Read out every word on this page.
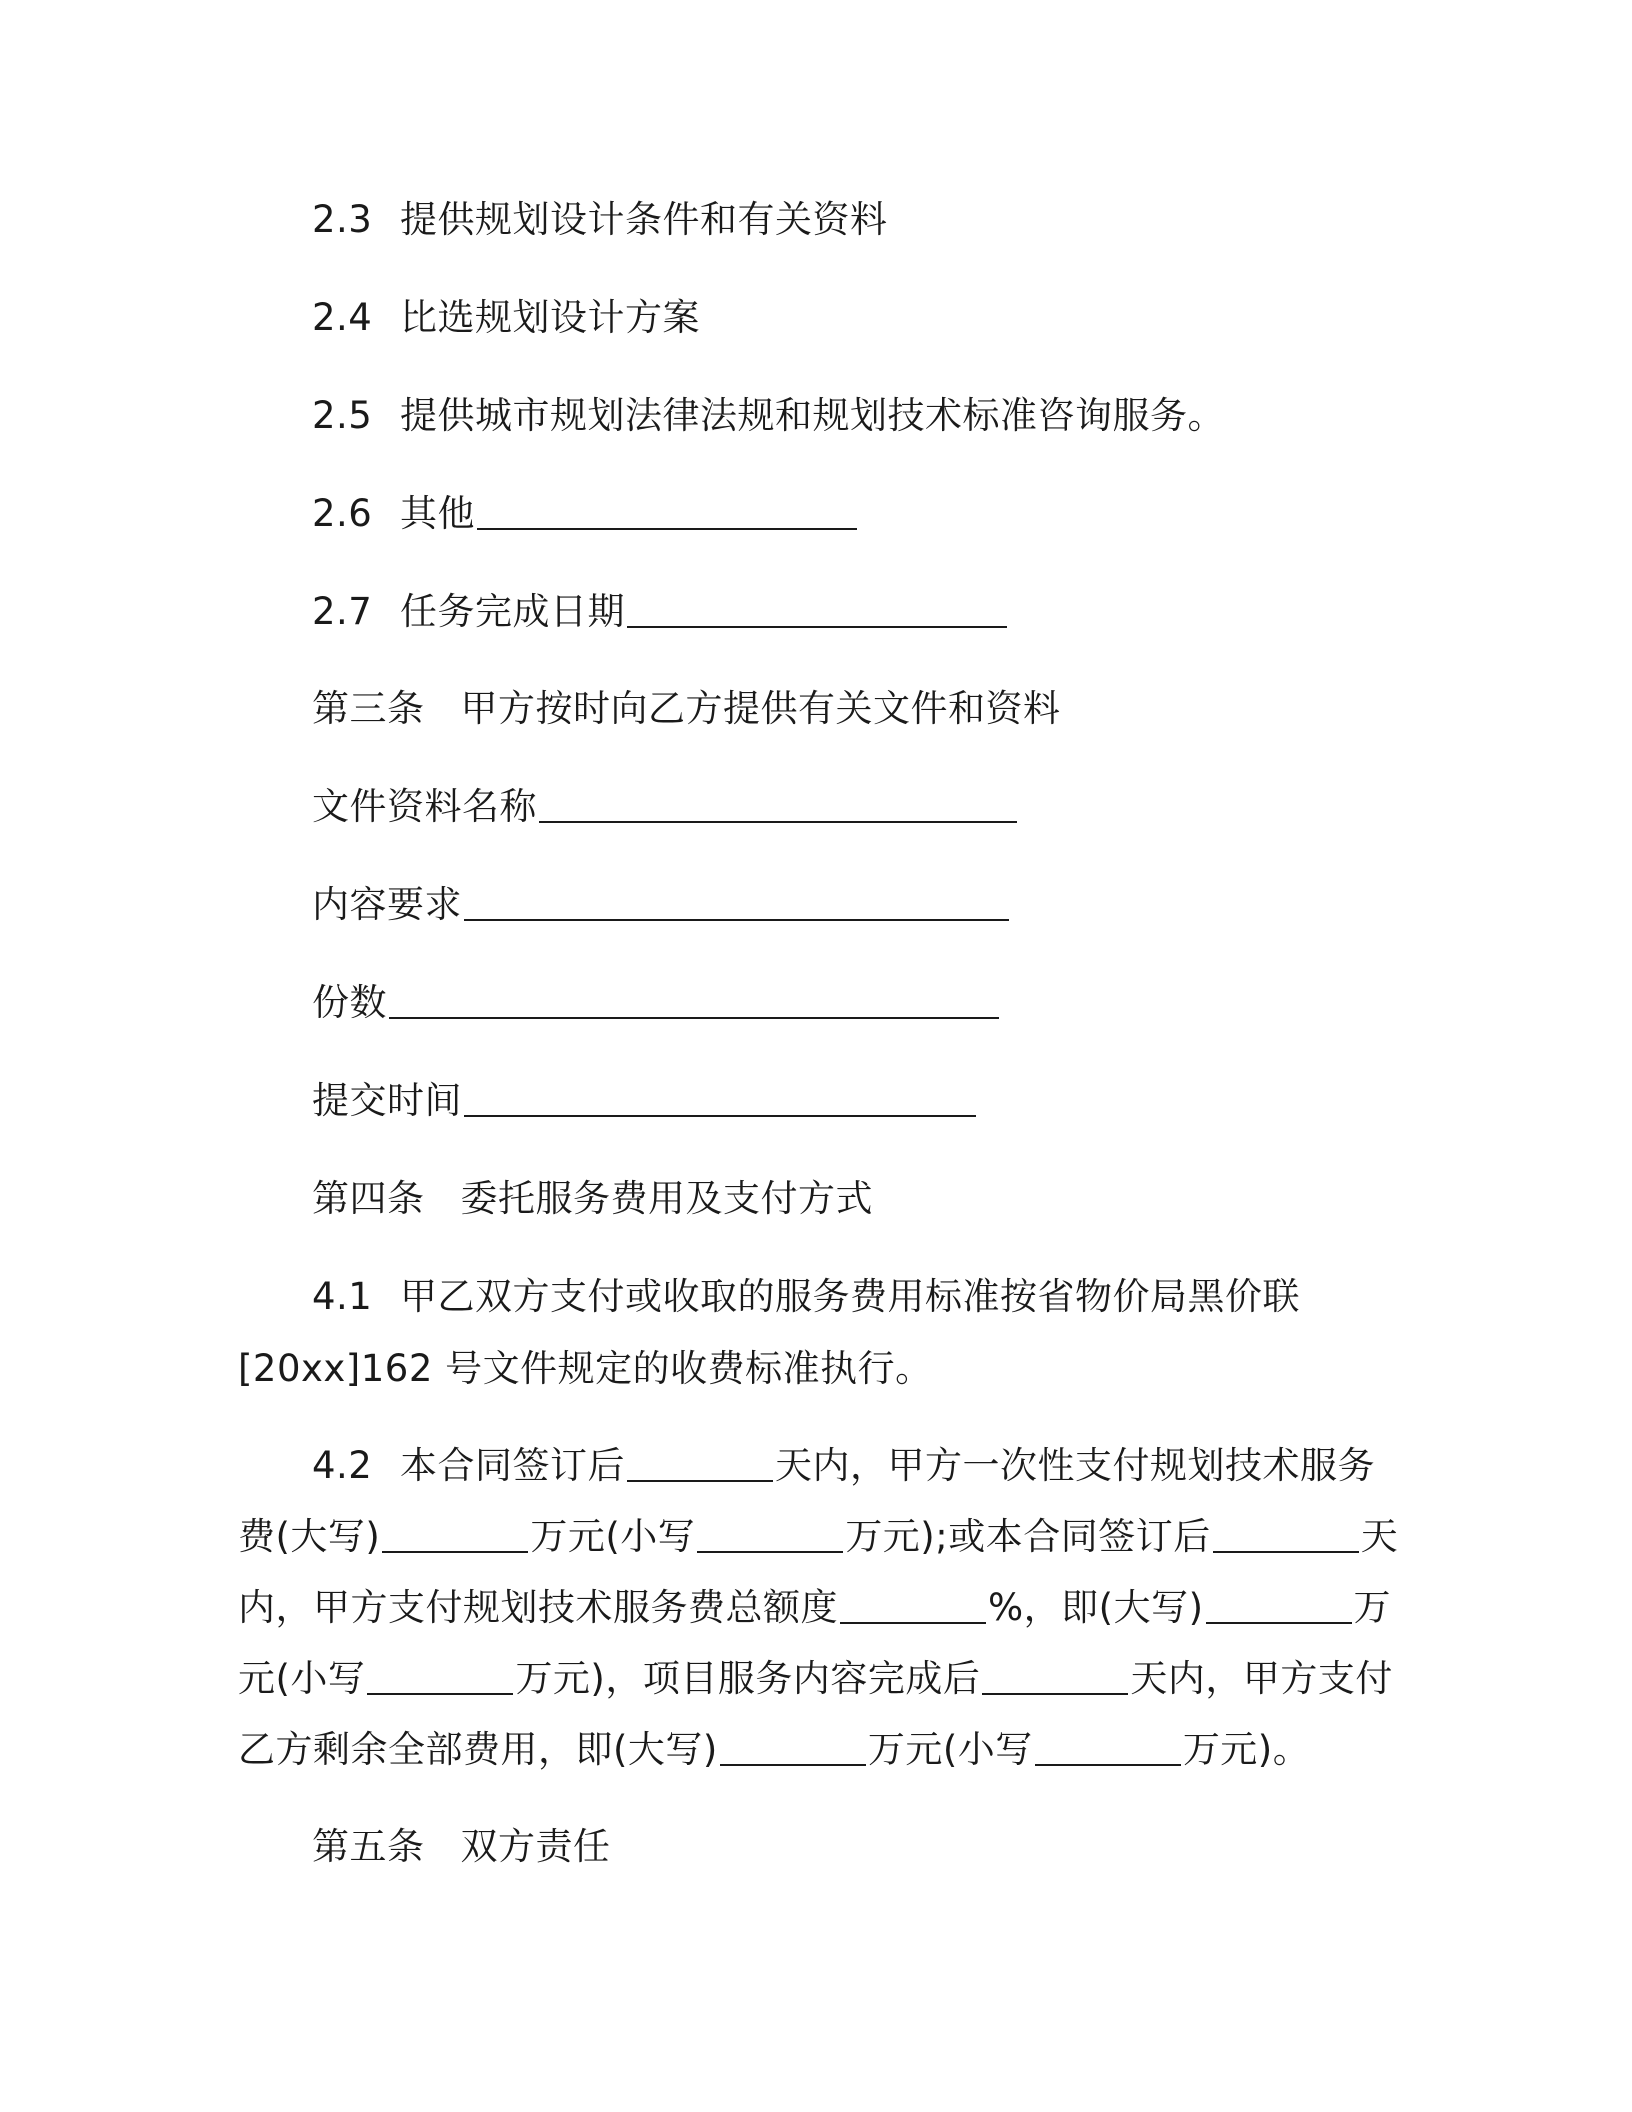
2.3 提供规划设计条件和有关资料
2.4 比选规划设计方案
2.5 提供城市规划法律法规和规划技术标准咨询服务。
2.6 其他
2.7 任务完成日期
第三条 甲方按时向乙方提供有关文件和资料
文件资料名称
内容要求
份数
提交时间
第四条 委托服务费用及支付方式
4.1 甲乙双方支付或收取的服务费用标准按省物价局黑价联
[20xx]162 号文件规定的收费标准执行。
4.2 本合同签订后	天内，甲方一次性支付规划技术服务
费(大写)	万元(小写	万元);或本合同签订后	天
内，甲方支付规划技术服务费总额度	%，即(大写)	万
元(小写	万元)，项目服务内容完成后	天内，甲方支付
乙方剩余全部费用，即(大写)	万元(小写	万元)。
第五条 双方责任
